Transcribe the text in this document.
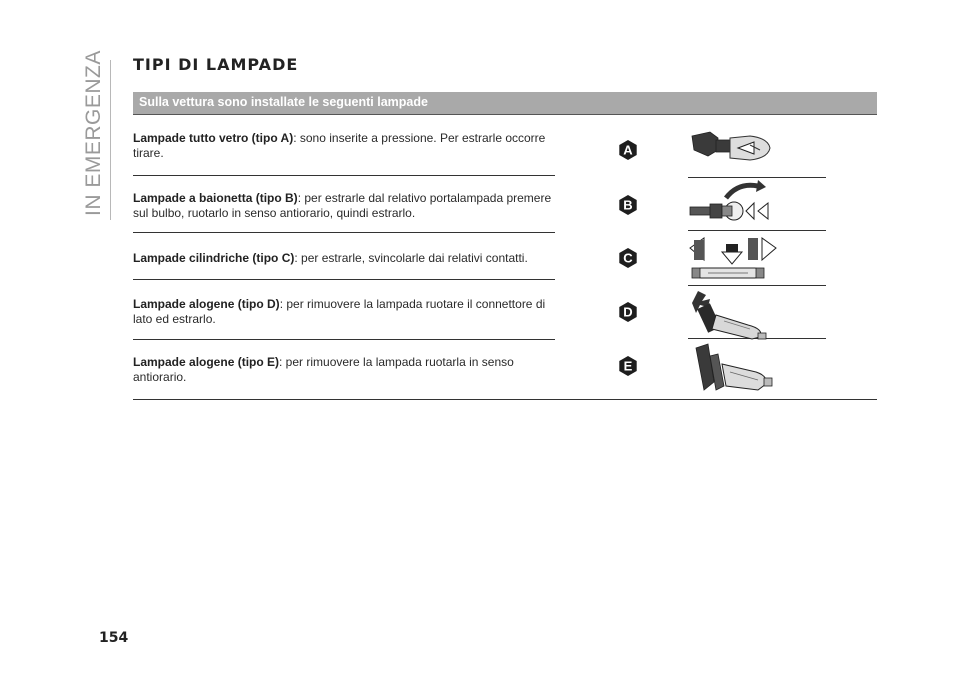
IN EMERGENZA TIPI DI LAMPADE
Sulla vettura sono installate le seguenti lampade
Lampade tutto vetro (tipo A): sono inserite a pressione. Per estrarle occorre tirare.
Lampade a baionetta (tipo B): per estrarle dal relativo portalampada premere sul bulbo, ruotarlo in senso antiorario, quindi estrarlo.
Lampade cilindriche (tipo C): per estrarle, svincolarle dai relativi contatti.
Lampade alogene (tipo D): per rimuovere la lampada ruotare il connettore di lato ed estrarlo.
Lampade alogene (tipo E): per rimuovere la lampada ruotarla in senso antiorario.
A
B
C
D
E
154
